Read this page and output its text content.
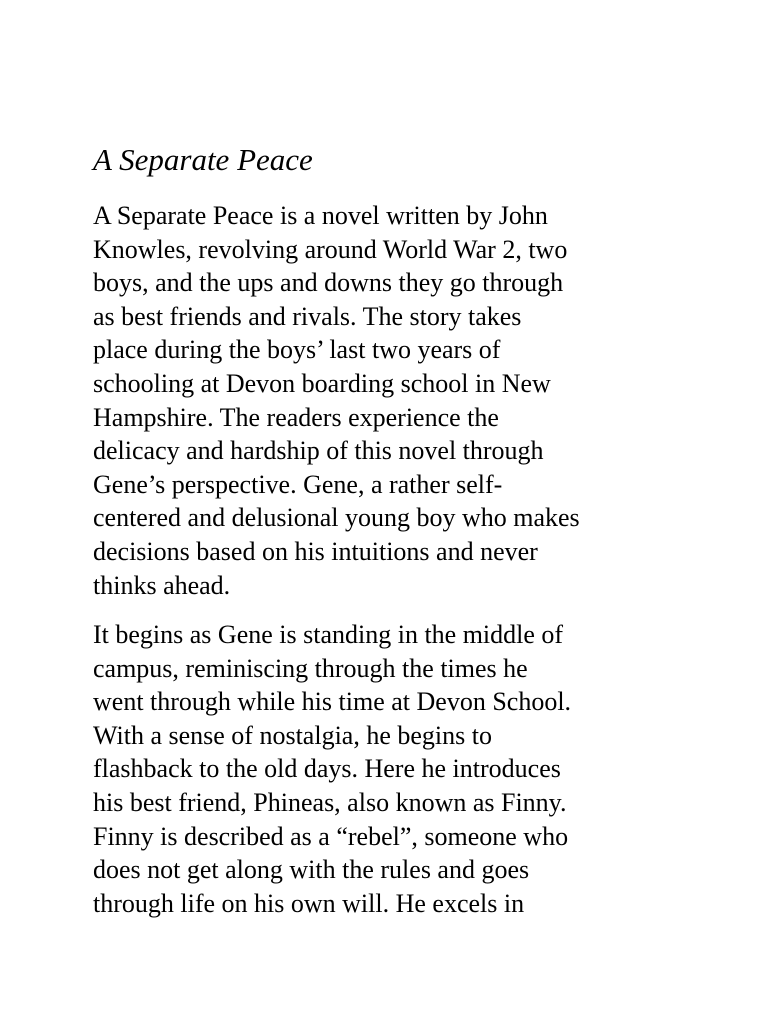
A Separate Peace

A Separate Peace is a novel written by John
Knowles, revolving around World War 2, two
boys, and the ups and downs they go through
as best friends and rivals. The story takes
place during the boys’ last two years of
schooling at Devon boarding school in New
Hampshire. The readers experience the
delicacy and hardship of this novel through
Gene’s perspective. Gene, a rather self-
centered and delusional young boy who makes
decisions based on his intuitions and never
thinks ahead.

It begins as Gene is standing in the middle of
campus, reminiscing through the times he
went through while his time at Devon School.
With a sense of nostalgia, he begins to
flashback to the old days. Here he introduces
his best friend, Phineas, also known as Finny.
Finny is described as a “rebel”, someone who
does not get along with the rules and goes
through life on his own will. He excels in
